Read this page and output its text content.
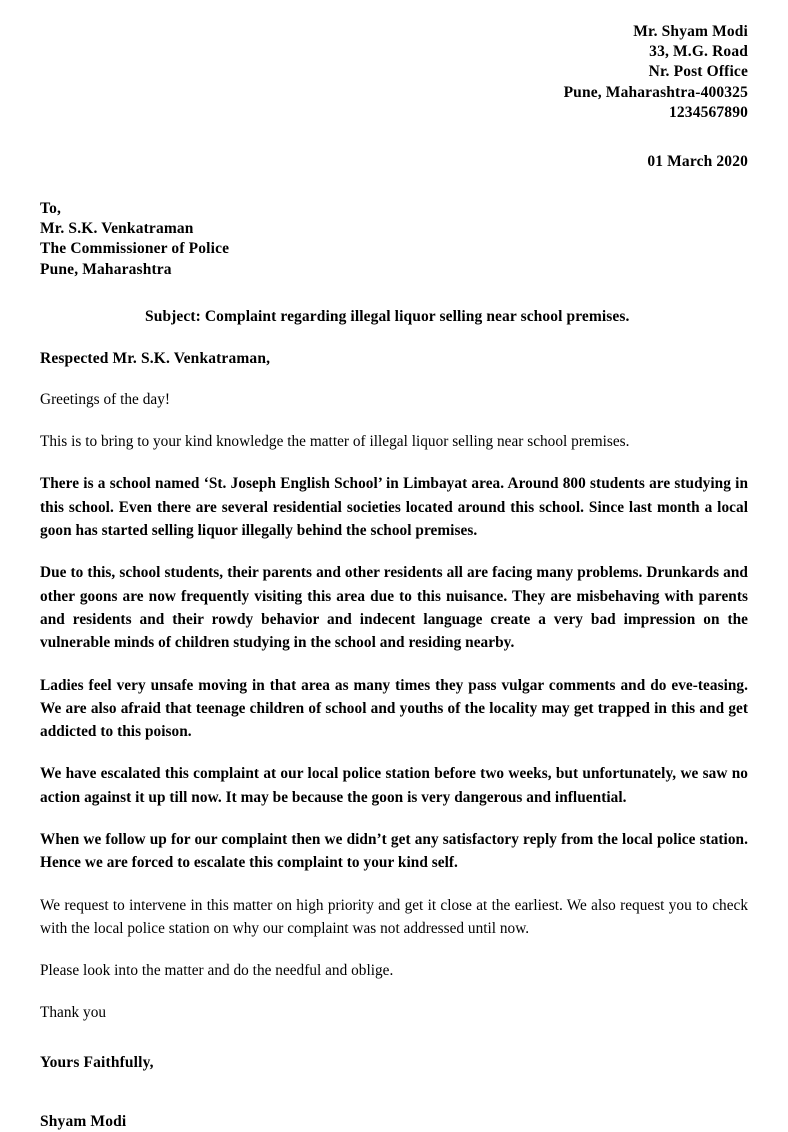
Mr. Shyam Modi
33, M.G. Road
Nr. Post Office
Pune, Maharashtra-400325
1234567890
01 March 2020
To,
Mr. S.K. Venkatraman
The Commissioner of Police
Pune, Maharashtra
Subject: Complaint regarding illegal liquor selling near school premises.
Respected Mr. S.K. Venkatraman,
Greetings of the day!
This is to bring to your kind knowledge the matter of illegal liquor selling near school premises.
There is a school named ‘St. Joseph English School’ in Limbayat area. Around 800 students are studying in this school. Even there are several residential societies located around this school. Since last month a local goon has started selling liquor illegally behind the school premises.
Due to this, school students, their parents and other residents all are facing many problems. Drunkards and other goons are now frequently visiting this area due to this nuisance. They are misbehaving with parents and residents and their rowdy behavior and indecent language create a very bad impression on the vulnerable minds of children studying in the school and residing nearby.
Ladies feel very unsafe moving in that area as many times they pass vulgar comments and do eve-teasing. We are also afraid that teenage children of school and youths of the locality may get trapped in this and get addicted to this poison.
We have escalated this complaint at our local police station before two weeks, but unfortunately, we saw no action against it up till now. It may be because the goon is very dangerous and influential.
When we follow up for our complaint then we didn’t get any satisfactory reply from the local police station. Hence we are forced to escalate this complaint to your kind self.
We request to intervene in this matter on high priority and get it close at the earliest. We also request you to check with the local police station on why our complaint was not addressed until now.
Please look into the matter and do the needful and oblige.
Thank you
Yours Faithfully,
Shyam Modi
